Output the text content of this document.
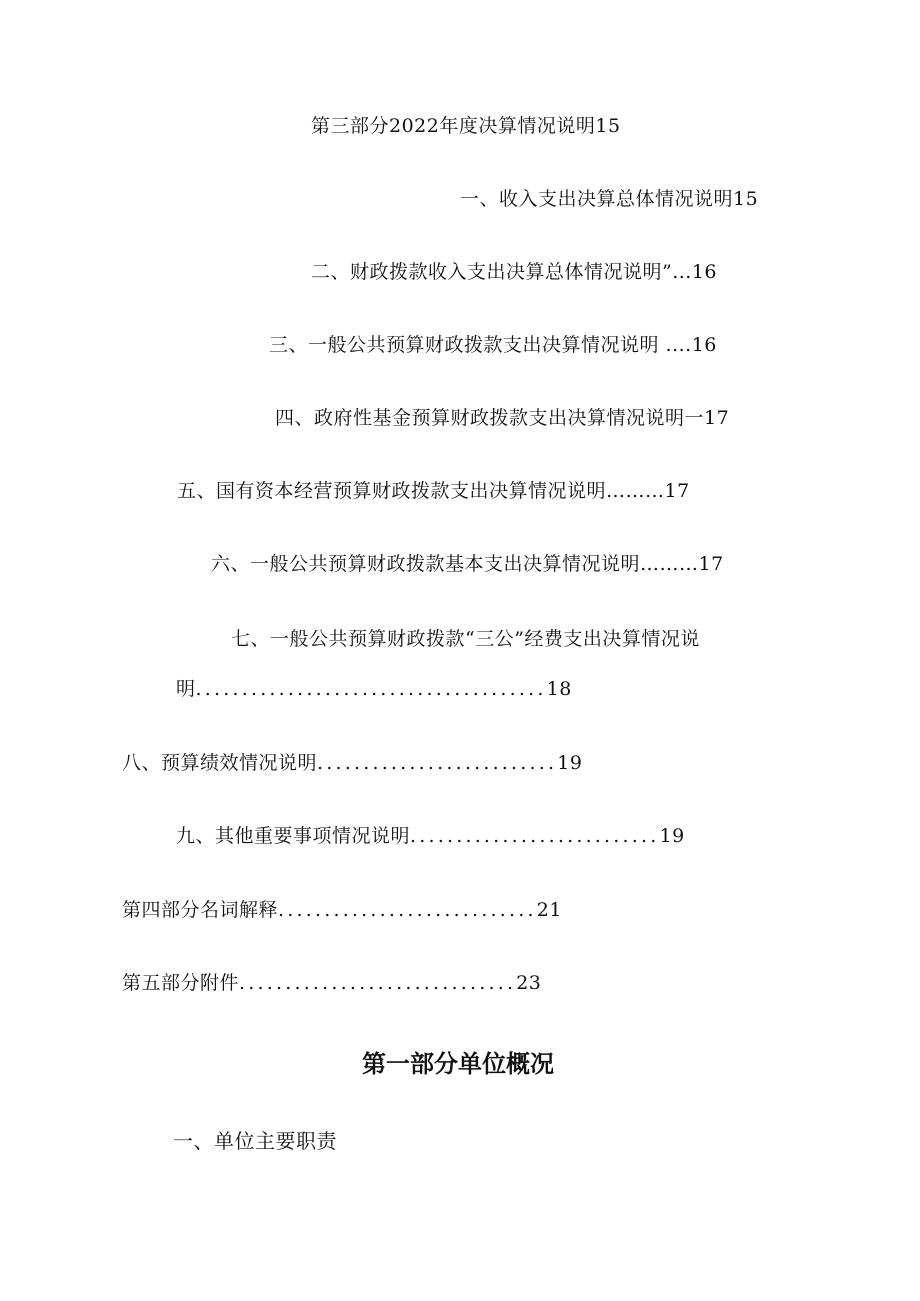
第三部分2022年度决算情况说明15
一、收入支出决算总体情况说明15
二、财政拨款收入支出决算总体情况说明”...16
三、一般公共预算财政拨款支出决算情况说明 ....16
四、政府性基金预算财政拨款支出决算情况说明一17
五、国有资本经营预算财政拨款支出决算情况说明………17
六、一般公共预算财政拨款基本支出决算情况说明………17
七、一般公共预算财政拨款“三公”经费支出决算情况说
明......................................18
八、预算绩效情况说明..........................19
九、其他重要事项情况说明...........................19
第四部分名词解释............................21
第五部分附件..............................23
第一部分单位概况
一、单位主要职责
